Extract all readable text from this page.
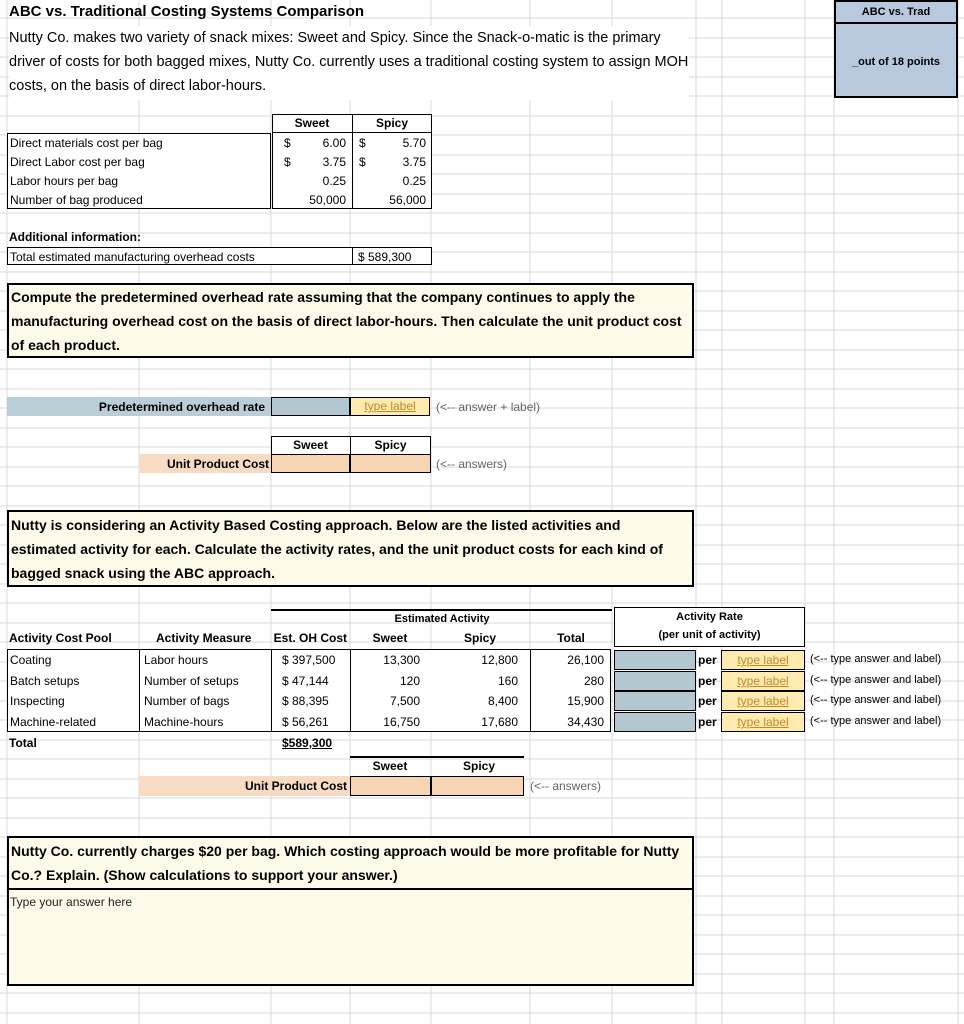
ABC vs. Traditional Costing Systems Comparison
Nutty Co. makes two variety of snack mixes: Sweet and Spicy. Since the Snack-o-matic is the primary driver of costs for both bagged mixes, Nutty Co. currently uses a traditional costing system to assign MOH costs, on the basis of direct labor-hours.
ABC vs. Trad
_out of 18 points
Sweet	Spicy
Direct materials cost per bag	$	6.00 $	5.70
Direct Labor cost per bag	$	3.75 $	3.75
Labor hours per bag	0.25	0.25
Number of bag produced	50,000	56,000
Additional information:
Total estimated manufacturing overhead costs	$ 589,300
Compute the predetermined overhead rate assuming that the company continues to apply the manufacturing overhead cost on the basis of direct labor-hours. Then calculate the unit product cost of each product.
Predetermined overhead rate	type label	(<-- answer + label)
Sweet	Spicy
Unit Product Cost	(<-- answers)
Nutty is considering an Activity Based Costing approach. Below are the listed activities and estimated activity for each. Calculate the activity rates, and the unit product costs for each kind of bagged snack using the ABC approach.
Estimated Activity	Activity Rate
(per unit of activity)
Activity Cost Pool	Activity Measure Est. OH Cost	Sweet	Spicy	Total
Coating	Labor hours	$ 397,500	13,300	12,800	26,100	per	type label	(<-- type answer and label)
Batch setups	Number of setups	$ 47,144	120	160	280	per	type label	(<-- type answer and label)
Inspecting	Number of bags	$ 88,395	7,500	8,400	15,900	per	type label	(<-- type answer and label)
Machine-related	Machine-hours	$ 56,261	16,750	17,680	34,430	per	type label	(<-- type answer and label)
Total	$589,300
Sweet	Spicy
Unit Product Cost	(<-- answers)
Nutty Co. currently charges $20 per bag. Which costing approach would be more profitable for Nutty Co.? Explain. (Show calculations to support your answer.)
Type your answer here
